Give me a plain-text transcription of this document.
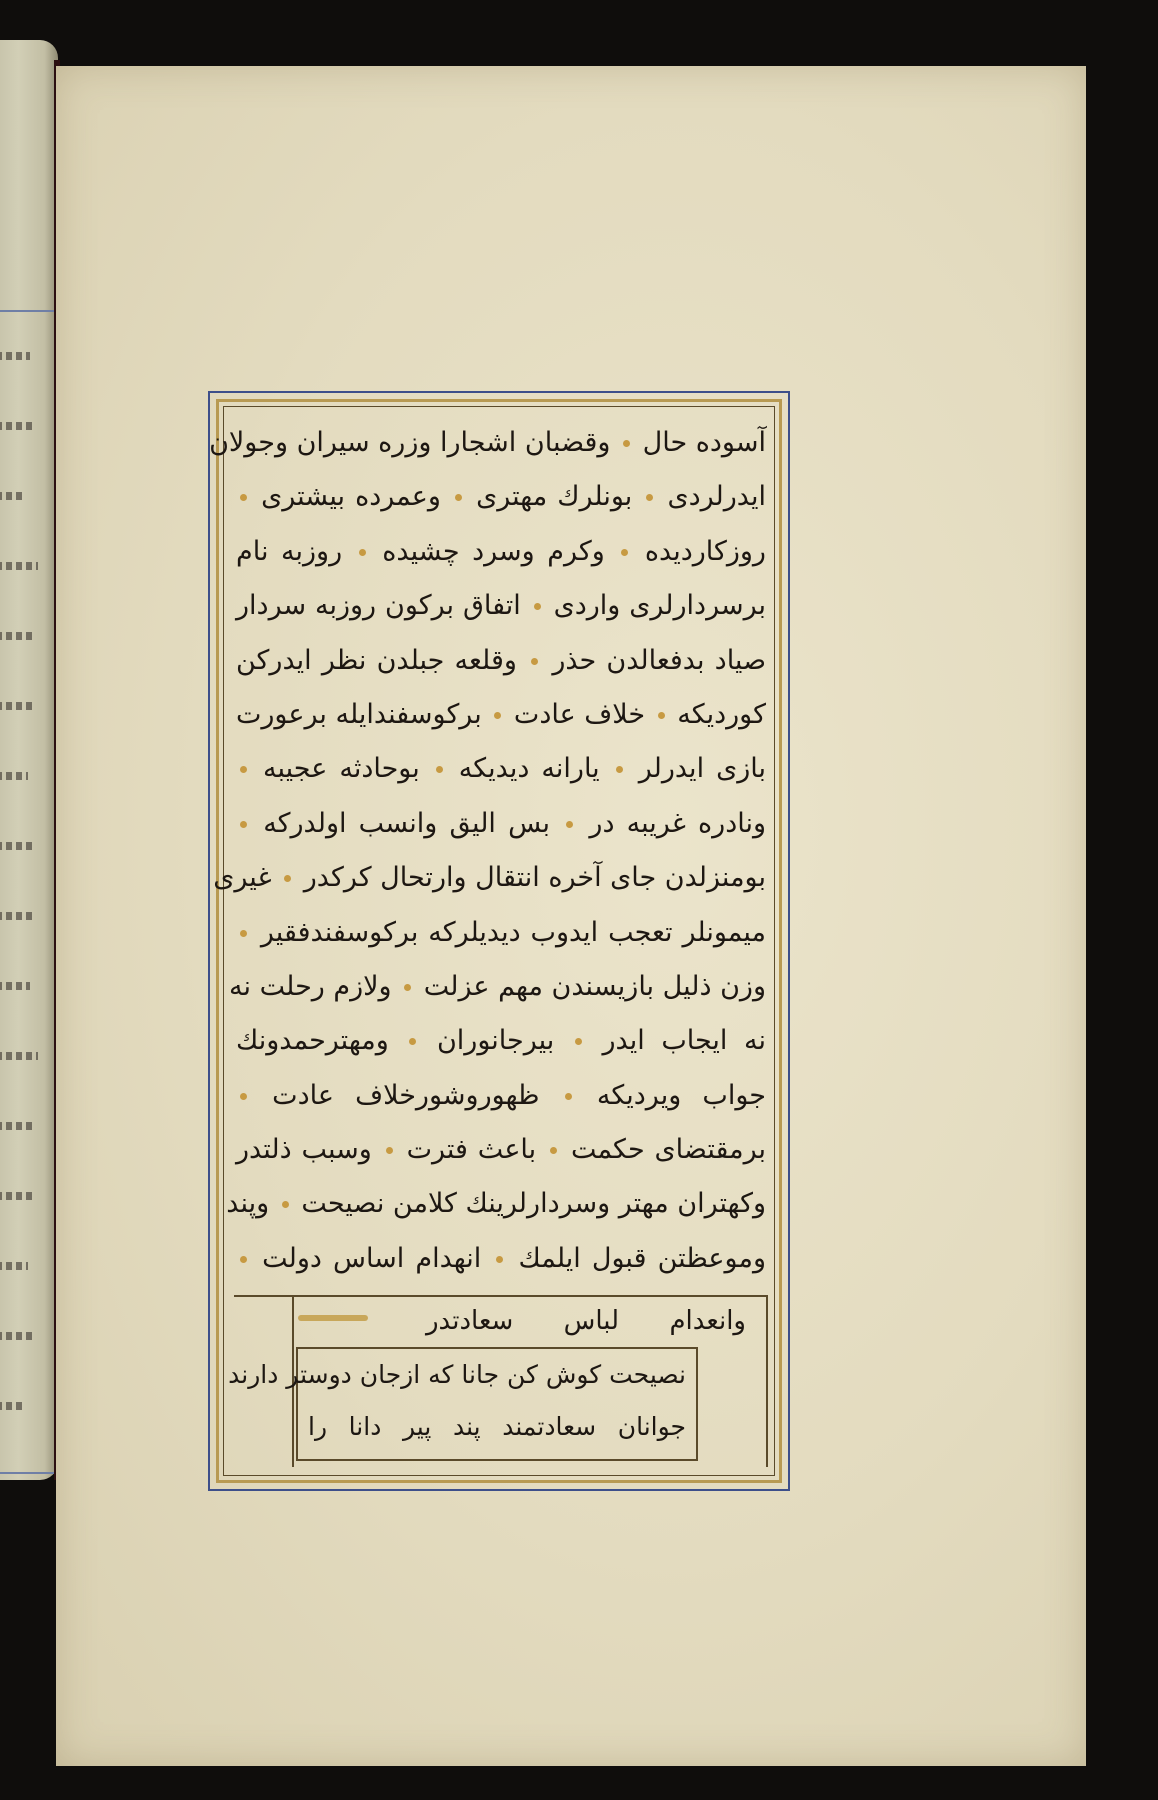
آسوده حال  وقضبان اشجارا وزره سیران وجولان
ایدرلردی  بونلرك مهتری  وعمرده بیشتری
روزكاردیده  وكرم وسرد چشیده  روزبه نام
برسردارلری واردی  اتفاق بركون روزبه سردار
صیاد بدفعالدن حذر  وقلعه جبلدن نظر ایدركن
كوردیكه  خلاف عادت  بركوسفندایله برعورت
بازی ایدرلر  یارانه دیدیكه  بوحادثه عجیبه
ونادره غریبه در  بس الیق وانسب اولدركه
بومنزلدن جای آخره انتقال وارتحال كركدر  غیری
میمونلر تعجب ایدوب دیدیلركه بركوسفندفقیر
وزن ذلیل بازیسندن مهم عزلت  ولازم رحلت نه
نه ایجاب ایدر  بیرجانوران  ومهترحمدونك
جواب ویردیكه  ظهوروشورخلاف عادت
برمقتضای حكمت  باعث فترت  وسبب ذلتدر
وكهتران مهتر وسردارلرینك كلامن نصیحت  وپند
وموعظتن قبول ایلمك  انهدام اساس دولت
وانعدام لباس سعادتدر
نصیحت كوش كن جانا كه ازجان دوستر دارند
جوانان سعادتمند پند پیر دانا را
